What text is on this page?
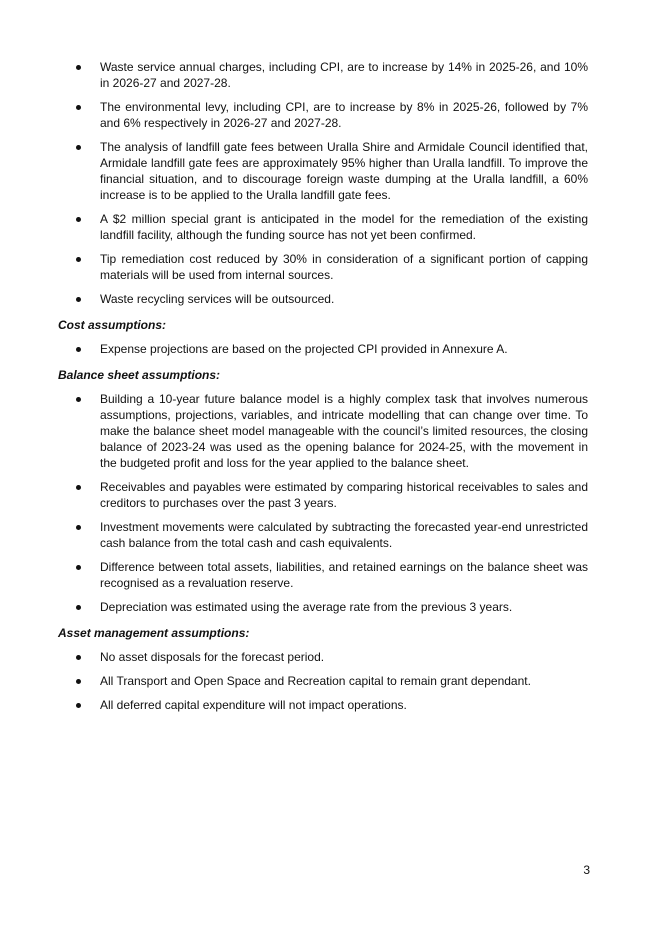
Waste service annual charges, including CPI, are to increase by 14% in 2025-26, and 10% in 2026-27 and 2027-28.
The environmental levy, including CPI, are to increase by 8% in 2025-26, followed by 7% and 6% respectively in 2026-27 and 2027-28.
The analysis of landfill gate fees between Uralla Shire and Armidale Council identified that, Armidale landfill gate fees are approximately 95% higher than Uralla landfill. To improve the financial situation, and to discourage foreign waste dumping at the Uralla landfill, a 60% increase is to be applied to the Uralla landfill gate fees.
A $2 million special grant is anticipated in the model for the remediation of the existing landfill facility, although the funding source has not yet been confirmed.
Tip remediation cost reduced by 30% in consideration of a significant portion of capping materials will be used from internal sources.
Waste recycling services will be outsourced.
Cost assumptions:
Expense projections are based on the projected CPI provided in Annexure A.
Balance sheet assumptions:
Building a 10-year future balance model is a highly complex task that involves numerous assumptions, projections, variables, and intricate modelling that can change over time. To make the balance sheet model manageable with the council’s limited resources, the closing balance of 2023-24 was used as the opening balance for 2024-25, with the movement in the budgeted profit and loss for the year applied to the balance sheet.
Receivables and payables were estimated by comparing historical receivables to sales and creditors to purchases over the past 3 years.
Investment movements were calculated by subtracting the forecasted year-end unrestricted cash balance from the total cash and cash equivalents.
Difference between total assets, liabilities, and retained earnings on the balance sheet was recognised as a revaluation reserve.
Depreciation was estimated using the average rate from the previous 3 years.
Asset management assumptions:
No asset disposals for the forecast period.
All Transport and Open Space and Recreation capital to remain grant dependant.
All deferred capital expenditure will not impact operations.
3
